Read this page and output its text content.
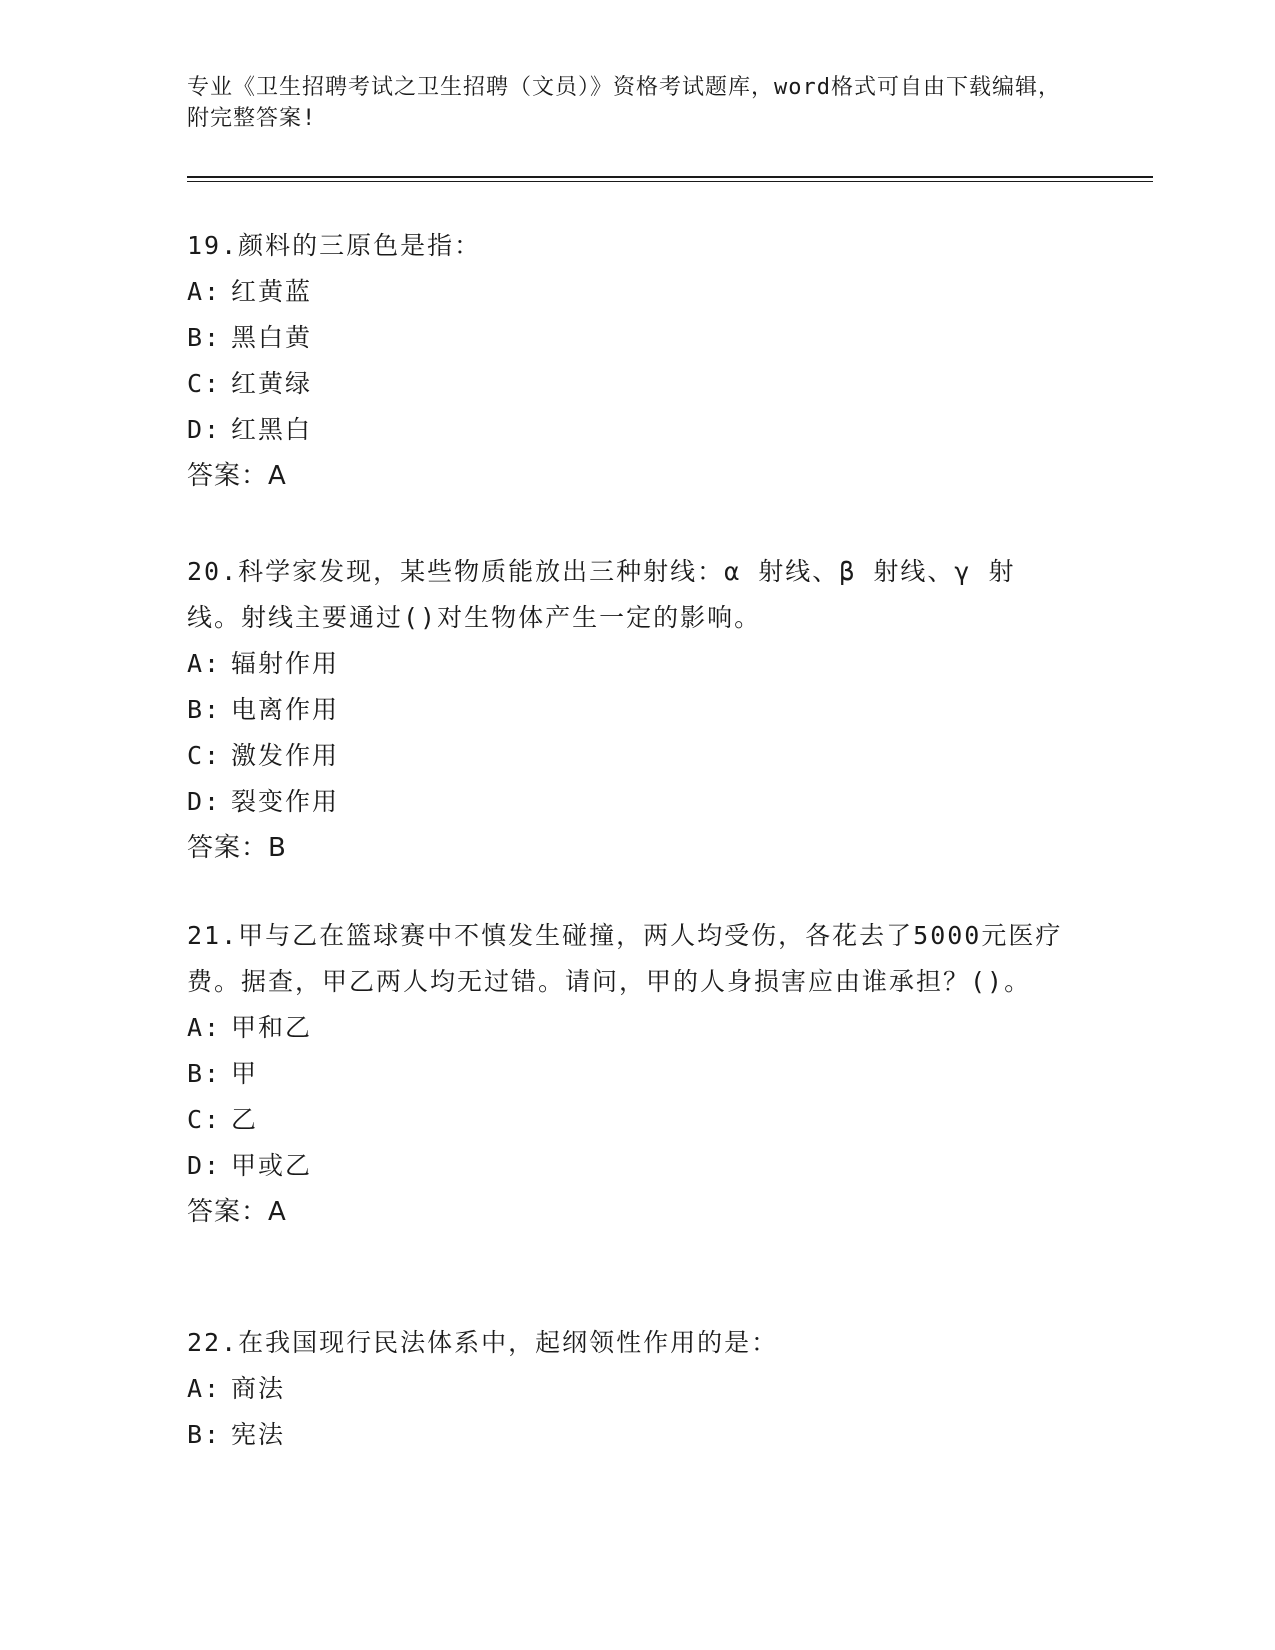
专业《卫生招聘考试之卫生招聘（文员）》资格考试题库，word格式可自由下载编辑，附完整答案!
19.颜料的三原色是指：
A: 红黄蓝
B: 黑白黄
C: 红黄绿
D: 红黑白
答案：A
20.科学家发现，某些物质能放出三种射线：α 射线、β 射线、γ 射线。射线主要通过()对生物体产生一定的影响。
A: 辐射作用
B: 电离作用
C: 激发作用
D: 裂变作用
答案：B
21.甲与乙在篮球赛中不慎发生碰撞，两人均受伤，各花去了5000元医疗费。据查，甲乙两人均无过错。请问，甲的人身损害应由谁承担？()。
A: 甲和乙
B: 甲
C: 乙
D: 甲或乙
答案：A
22.在我国现行民法体系中，起纲领性作用的是：
A: 商法
B: 宪法
